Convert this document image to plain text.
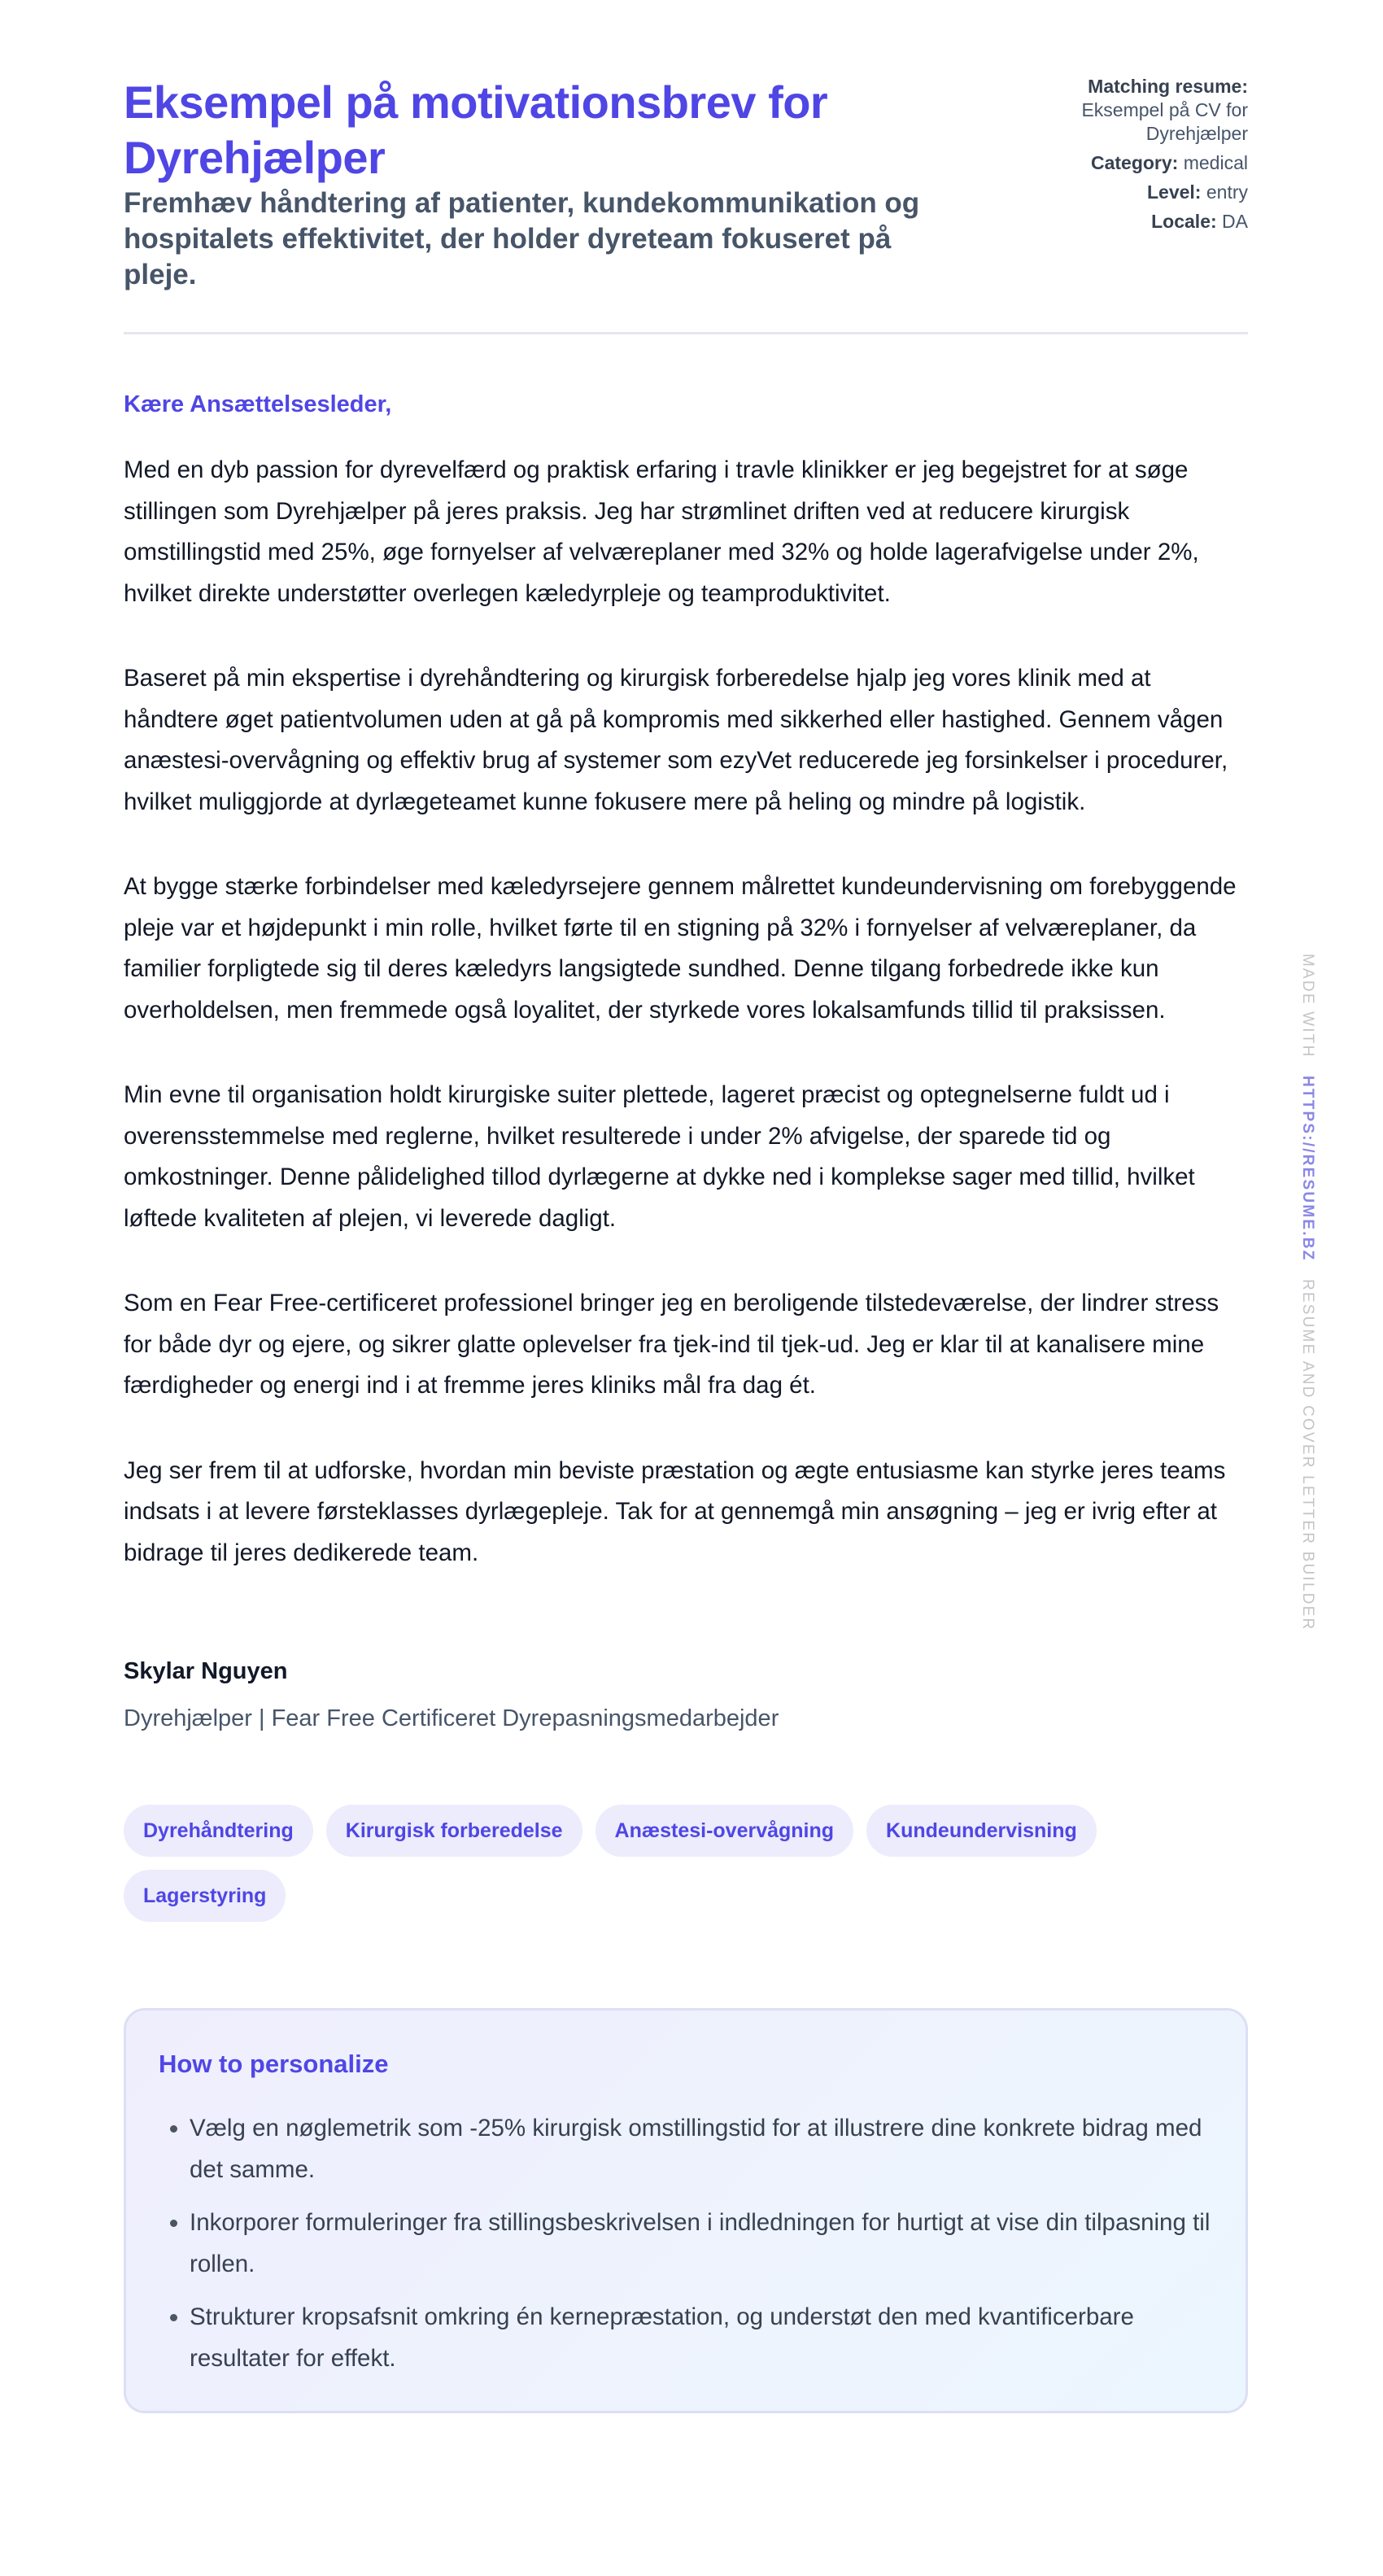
Eksempel på motivationsbrev for Dyrehjælper
Fremhæv håndtering af patienter, kundekommunikation og hospitalets effektivitet, der holder dyreteam fokuseret på pleje.
Matching resume:
Eksempel på CV for Dyrehjælper
Category: medical
Level: entry
Locale: DA

Kære Ansættelsesleder,

Med en dyb passion for dyrevelfærd og praktisk erfaring i travle klinikker er jeg begejstret for at søge stillingen som Dyrehjælper på jeres praksis. Jeg har strømlinet driften ved at reducere kirurgisk omstillingstid med 25%, øge fornyelser af velværeplaner med 32% og holde lagerafvigelse under 2%, hvilket direkte understøtter overlegen kæledyrpleje og teamproduktivitet.

Baseret på min ekspertise i dyrehåndtering og kirurgisk forberedelse hjalp jeg vores klinik med at håndtere øget patientvolumen uden at gå på kompromis med sikkerhed eller hastighed. Gennem vågen anæstesi-overvågning og effektiv brug af systemer som ezyVet reducerede jeg forsinkelser i procedurer, hvilket muliggjorde at dyrlægeteamet kunne fokusere mere på heling og mindre på logistik.

At bygge stærke forbindelser med kæledyrsejere gennem målrettet kundeundervisning om forebyggende pleje var et højdepunkt i min rolle, hvilket førte til en stigning på 32% i fornyelser af velværeplaner, da familier forpligtede sig til deres kæledyrs langsigtede sundhed. Denne tilgang forbedrede ikke kun overholdelsen, men fremmede også loyalitet, der styrkede vores lokalsamfunds tillid til praksissen.

Min evne til organisation holdt kirurgiske suiter plettede, lageret præcist og optegnelserne fuldt ud i overensstemmelse med reglerne, hvilket resulterede i under 2% afvigelse, der sparede tid og omkostninger. Denne pålidelighed tillod dyrlægerne at dykke ned i komplekse sager med tillid, hvilket løftede kvaliteten af plejen, vi leverede dagligt.

Som en Fear Free-certificeret professionel bringer jeg en beroligende tilstedeværelse, der lindrer stress for både dyr og ejere, og sikrer glatte oplevelser fra tjek-ind til tjek-ud. Jeg er klar til at kanalisere mine færdigheder og energi ind i at fremme jeres kliniks mål fra dag ét.

Jeg ser frem til at udforske, hvordan min beviste præstation og ægte entusiasme kan styrke jeres teams indsats i at levere førsteklasses dyrlægepleje. Tak for at gennemgå min ansøgning – jeg er ivrig efter at bidrage til jeres dedikerede team.

Skylar Nguyen

Dyrehjælper | Fear Free Certificeret Dyrepasningsmedarbejder

Dyrehåndtering	Kirurgisk forberedelse	Anæstesi-overvågning	Kundeundervisning
Lagerstyring
How to personalize
• Vælg en nøglemetrik som -25% kirurgisk omstillingstid for at illustrere dine konkrete bidrag med det samme.
• Inkorporer formuleringer fra stillingsbeskrivelsen i indledningen for hurtigt at vise din tilpasning til rollen.
• Strukturer kropsafsnit omkring én kernepræstation, og understøt den med kvantificerbare resultater for effekt.
MADE WITH HTTPS://RESUME.BZ RESUME AND COVER LETTER BUILDER
